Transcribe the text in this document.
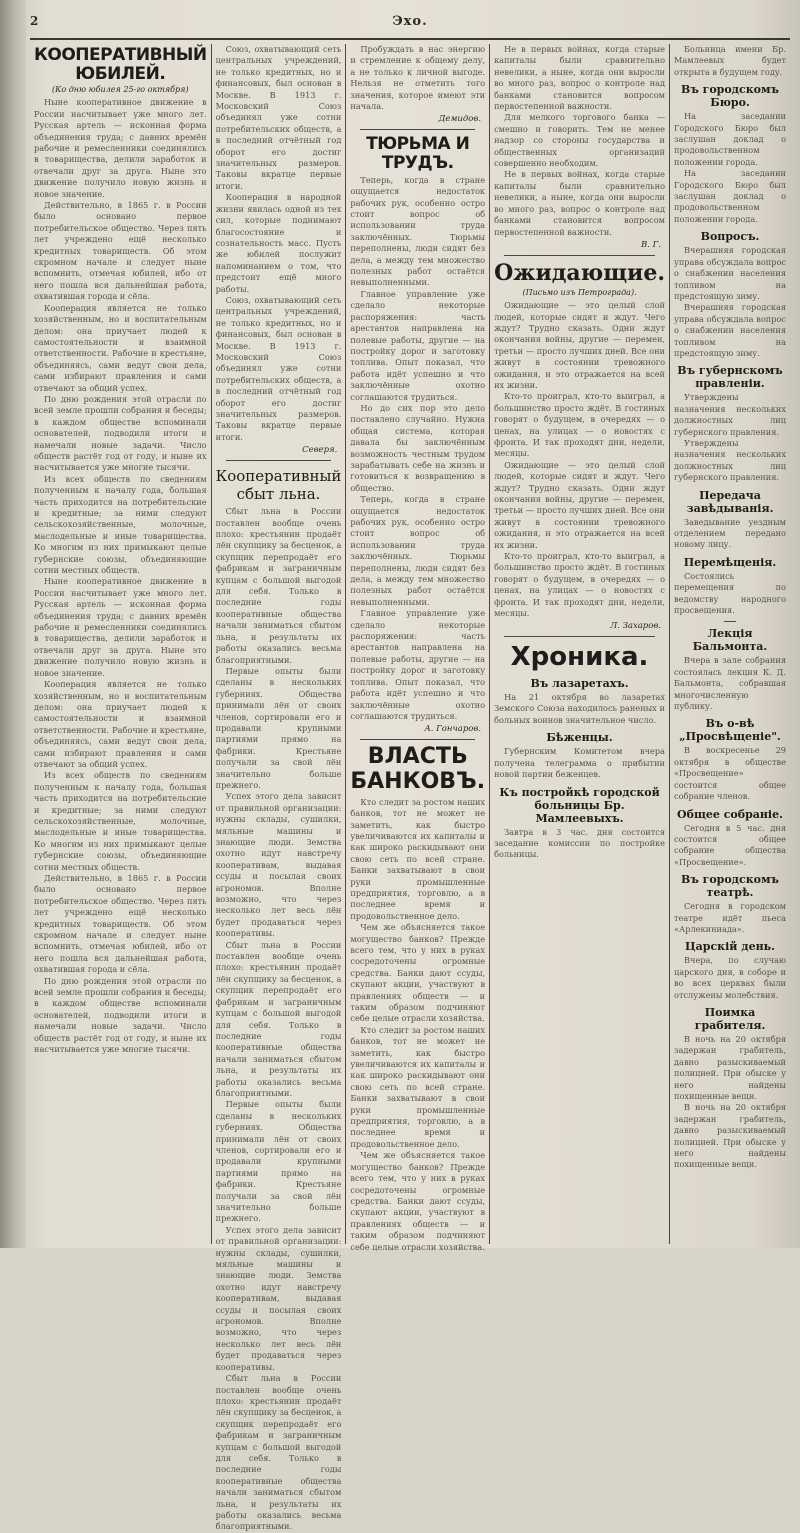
2	Эхо.
КООПЕРАТИВНЫЙ ЮБИЛЕЙ.
(Ко дню юбилея 25-го октября)

Ныне кооперативное движение в России насчитывает уже много лет. Русская артель — исконная форма объединения труда; с давних времён рабочие и ремесленники соединялись в товарищества, делили заработок и отвечали друг за друга. Ныне это движение получило новую жизнь и новое значение.

Действительно, в 1865 г. в России было основано первое потребительское общество. Через пять лет учреждено ещё несколько кредитных товариществ. Об этом скромном начале и следует ныне вспомнить, отмечая юбилей, ибо от него пошла вся дальнейшая работа, охватившая города и сёла.

Кооперация является не только хозяйственным, но и воспитательным делом: она приучает людей к самостоятельности и взаимной ответственности. Рабочие и крестьяне, объединяясь, сами ведут свои дела, сами избирают правления и сами отвечают за общий успех.

По дню рождения этой отрасли по всей земле прошли собрания и беседы; в каждом обществе вспоминали основателей, подводили итоги и намечали новые задачи. Число обществ растёт год от году, и ныне их насчитывается уже многие тысячи.

Из всех обществ по сведениям полученным к началу года, большая часть приходится на потребительские и кредитные; за ними следуют сельскохозяйственные, молочные, маслодельные и иные товарищества. Ко многим из них примыкают целые губернские союзы, объединяющие сотни местных обществ.

Ныне кооперативное движение в России насчитывает уже много лет. Русская артель — исконная форма объединения труда; с давних времён рабочие и ремесленники соединялись в товарищества, делили заработок и отвечали друг за друга. Ныне это движение получило новую жизнь и новое значение.

Кооперация является не только хозяйственным, но и воспитательным делом: она приучает людей к самостоятельности и взаимной ответственности. Рабочие и крестьяне, объединяясь, сами ведут свои дела, сами избирают правления и сами отвечают за общий успех.

Из всех обществ по сведениям полученным к началу года, большая часть приходится на потребительские и кредитные; за ними следуют сельскохозяйственные, молочные, маслодельные и иные товарищества. Ко многим из них примыкают целые губернские союзы, объединяющие сотни местных обществ.

Действительно, в 1865 г. в России было основано первое потребительское общество. Через пять лет учреждено ещё несколько кредитных товариществ. Об этом скромном начале и следует ныне вспомнить, отмечая юбилей, ибо от него пошла вся дальнейшая работа, охватившая города и сёла.

По дню рождения этой отрасли по всей земле прошли собрания и беседы; в каждом обществе вспоминали основателей, подводили итоги и намечали новые задачи. Число обществ растёт год от году, и ныне их насчитывается уже многие тысячи.

Союз, охватывающий сеть центральных учреждений, не только кредитных, но и финансовых, был основан в Москве. В 1913 г. Московский Союз объединял уже сотни потребительских обществ, а в последний отчётный год оборот его достиг значительных размеров. Таковы вкратце первые итоги.

Кооперация в народной жизни явилась одной из тех сил, которые поднимают благосостояние и сознательность масс. Пусть же юбилей послужит напоминанием о том, что предстоит ещё много работы.

Союз, охватывающий сеть центральных учреждений, не только кредитных, но и финансовых, был основан в Москве. В 1913 г. Московский Союз объединял уже сотни потребительских обществ, а в последний отчётный год оборот его достиг значительных размеров. Таковы вкратце первые итоги.

Северя.
Кооперативный сбыт льна.

Сбыт льна в России поставлен вообще очень плохо: крестьянин продаёт лён скупщику за бесценок, а скупщик перепродаёт его фабрикам и заграничным купцам с большой выгодой для себя. Только в последние годы кооперативные общества начали заниматься сбытом льна, и результаты их работы оказались весьма благоприятными.

Первые опыты были сделаны в нескольких губерниях. Общества принимали лён от своих членов, сортировали его и продавали крупными партиями прямо на фабрики. Крестьяне получали за свой лён значительно больше прежнего.

Успех этого дела зависит от правильной организации: нужны склады, сушилки, мяльные машины и знающие люди. Земства охотно идут навстречу кооперативам, выдавая ссуды и посылая своих агрономов. Вполне возможно, что через несколько лет весь лён будет продаваться через кооперативы.

Сбыт льна в России поставлен вообще очень плохо: крестьянин продаёт лён скупщику за бесценок, а скупщик перепродаёт его фабрикам и заграничным купцам с большой выгодой для себя. Только в последние годы кооперативные общества начали заниматься сбытом льна, и результаты их работы оказались весьма благоприятными.

Первые опыты были сделаны в нескольких губерниях. Общества принимали лён от своих членов, сортировали его и продавали крупными партиями прямо на фабрики. Крестьяне получали за свой лён значительно больше прежнего.

Успех этого дела зависит от правильной организации: нужны склады, сушилки, мяльные машины и знающие люди. Земства охотно идут навстречу кооперативам, выдавая ссуды и посылая своих агрономов. Вполне возможно, что через несколько лет весь лён будет продаваться через кооперативы.

Сбыт льна в России поставлен вообще очень плохо: крестьянин продаёт лён скупщику за бесценок, а скупщик перепродаёт его фабрикам и заграничным купцам с большой выгодой для себя. Только в последние годы кооперативные общества начали заниматься сбытом льна, и результаты их работы оказались весьма благоприятными.

Пробуждать в нас энергию и стремление к общему делу, а не только к личной выгоде. Нельзя не отметить того значения, которое имеют эти начала.

Демидов.
ТЮРЬМА И ТРУДЪ.

Теперь, когда в стране ощущается недостаток рабочих рук, особенно остро стоит вопрос об использовании труда заключённых. Тюрьмы переполнены, люди сидят без дела, а между тем множество полезных работ остаётся невыполненными.

Главное управление уже сделало некоторые распоряжения: часть арестантов направлена на полевые работы, другие — на постройку дорог и заготовку топлива. Опыт показал, что работа идёт успешно и что заключённые охотно соглашаются трудиться.

Но до сих пор это дело поставлено случайно. Нужна общая система, которая давала бы заключённым возможность честным трудом зарабатывать себе на жизнь и готовиться к возвращению в общество.

Теперь, когда в стране ощущается недостаток рабочих рук, особенно остро стоит вопрос об использовании труда заключённых. Тюрьмы переполнены, люди сидят без дела, а между тем множество полезных работ остаётся невыполненными.

Главное управление уже сделало некоторые распоряжения: часть арестантов направлена на полевые работы, другие — на постройку дорог и заготовку топлива. Опыт показал, что работа идёт успешно и что заключённые охотно соглашаются трудиться.

А. Гончаров.
ВЛАСТЬ БАНКОВЪ.

Кто следит за ростом наших банков, тот не может не заметить, как быстро увеличиваются их капиталы и как широко раскидывают они свою сеть по всей стране. Банки захватывают в свои руки промышленные предприятия, торговлю, а в последнее время и продовольственное дело.

Чем же объясняется такое могущество банков? Прежде всего тем, что у них в руках сосредоточены огромные средства. Банки дают ссуды, скупают акции, участвуют в правлениях обществ — и таким образом подчиняют себе целые отрасли хозяйства.

Кто следит за ростом наших банков, тот не может не заметить, как быстро увеличиваются их капиталы и как широко раскидывают они свою сеть по всей стране. Банки захватывают в свои руки промышленные предприятия, торговлю, а в последнее время и продовольственное дело.

Чем же объясняется такое могущество банков? Прежде всего тем, что у них в руках сосредоточены огромные средства. Банки дают ссуды, скупают акции, участвуют в правлениях обществ — и таким образом подчиняют себе целые отрасли хозяйства.

Не в первых войнах, когда старые капиталы были сравнительно невелики, а ныне, когда они выросли во много раз, вопрос о контроле над банками становится вопросом первостепенной важности.

Для мелкого торгового банка — смешно и говорить. Тем не менее надзор со стороны государства и общественных организаций совершенно необходим.

Не в первых войнах, когда старые капиталы были сравнительно невелики, а ныне, когда они выросли во много раз, вопрос о контроле над банками становится вопросом первостепенной важности.

В. Г.
Ожидающие.
(Письмо изъ Петрограда).

Ожидающие — это целый слой людей, которые сидят и ждут. Чего ждут? Трудно сказать. Одни ждут окончания войны, другие — перемен, третьи — просто лучших дней. Все они живут в состоянии тревожного ожидания, и это отражается на всей их жизни.

Кто-то проиграл, кто-то выиграл, а большинство просто ждёт. В гостиных говорят о будущем, в очередях — о ценах, на улицах — о новостях с фронта. И так проходят дни, недели, месяцы.

Ожидающие — это целый слой людей, которые сидят и ждут. Чего ждут? Трудно сказать. Одни ждут окончания войны, другие — перемен, третьи — просто лучших дней. Все они живут в состоянии тревожного ожидания, и это отражается на всей их жизни.

Кто-то проиграл, кто-то выиграл, а большинство просто ждёт. В гостиных говорят о будущем, в очередях — о ценах, на улицах — о новостях с фронта. И так проходят дни, недели, месяцы.

Л. Захаров.
Хроника.
Въ лазаретахъ.

На 21 октября во лазаретах Земского Союза находилось раненых и больных воинов значительное число.

Бѣженцы.

Губернским Комитетом вчера получена телеграмма о прибытии новой партии беженцев.

Къ постройкѣ городской больницы Бр. Мамлеевыхъ.

Завтра в 3 час. дня состоится заседание комиссии по постройке больницы.

Больница имени Бр. Мамлеевых будет открыта в будущем году.

Въ городскомъ Бюро.

На заседании Городского Бюро был заслушан доклад о продовольственном положении города.

На заседании Городского Бюро был заслушан доклад о продовольственном положении города.

Вопросъ.

Вчерашняя городская управа обсуждала вопрос о снабжении населения топливом на предстоящую зиму.

Вчерашняя городская управа обсуждала вопрос о снабжении населения топливом на предстоящую зиму.

Въ губернскомъ правленіи.

Утверждены назначения нескольких должностных лиц губернского правления.

Утверждены назначения нескольких должностных лиц губернского правления.

Передача завѣдыванія.

Заведывание уездным отделением передано новому лицу.

Перемѣщенія.

Состоялись перемещения по ведомству народного просвещения.

Лекція Бальмонта.

Вчера в зале собрания состоялась лекция К. Д. Бальмонта, собравшая многочисленную публику.

Въ о-вѣ „Просвѣщеніе".

В воскресенье 29 октября в обществе «Просвещение» состоится общее собрание членов.

Общее собраніе.

Сегодня в 5 час. дня состоится общее собрание общества «Просвещение».

Въ городскомъ театрѣ.

Сегодня в городском театре идёт пьеса «Арлекиниада».

Царскій день.

Вчера, по случаю царского дня, в соборе и во всех церквах были отслужены молебствия.

Поимка грабителя.

В ночь на 20 октября задержан грабитель, давно разыскиваемый полицией. При обыске у него найдены похищенные вещи.

В ночь на 20 октября задержан грабитель, давно разыскиваемый полицией. При обыске у него найдены похищенные вещи.
